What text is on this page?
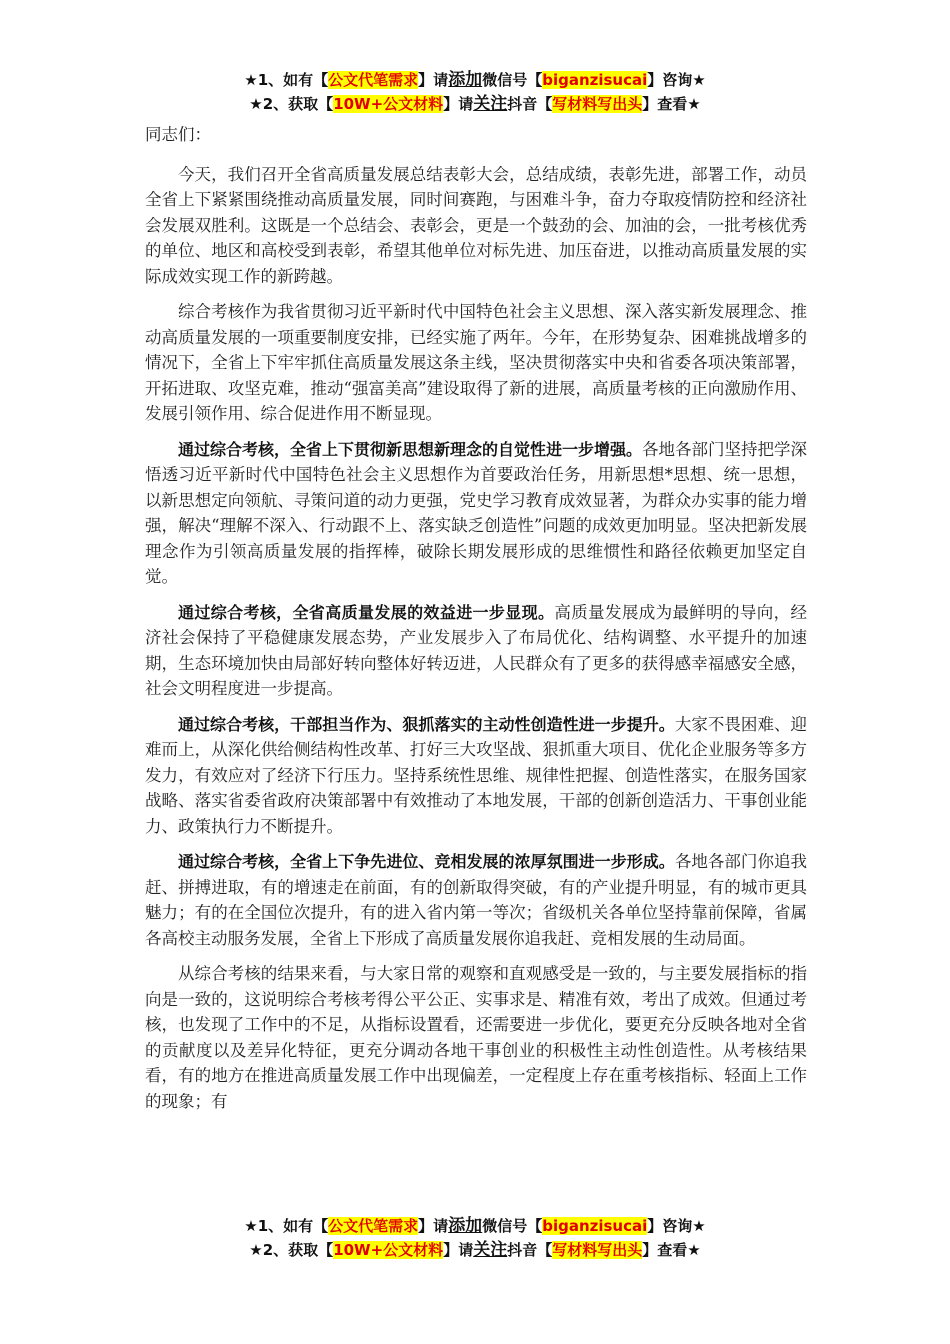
★1、如有【公文代笔需求】请添加微信号【biganzisucai】咨询★
★2、获取【10W+公文材料】请关注抖音【写材料写出头】查看★

同志们：

今天，我们召开全省高质量发展总结表彰大会，总结成绩，表彰先进，部署工作，动员全省上下紧紧围绕推动高质量发展，同时间赛跑，与困难斗争，奋力夺取疫情防控和经济社会发展双胜利。这既是一个总结会、表彰会，更是一个鼓劲的会、加油的会，一批考核优秀的单位、地区和高校受到表彰，希望其他单位对标先进、加压奋进，以推动高质量发展的实际成效实现工作的新跨越。

综合考核作为我省贯彻习近平新时代中国特色社会主义思想、深入落实新发展理念、推动高质量发展的一项重要制度安排，已经实施了两年。今年，在形势复杂、困难挑战增多的情况下，全省上下牢牢抓住高质量发展这条主线，坚决贯彻落实中央和省委各项决策部署，开拓进取、攻坚克难，推动“强富美高”建设取得了新的进展，高质量考核的正向激励作用、发展引领作用、综合促进作用不断显现。

通过综合考核，全省上下贯彻新思想新理念的自觉性进一步增强。各地各部门坚持把学深悟透习近平新时代中国特色社会主义思想作为首要政治任务，用新思想*思想、统一思想，以新思想定向领航、寻策问道的动力更强，党史学习教育成效显著，为群众办实事的能力增强，解决“理解不深入、行动跟不上、落实缺乏创造性”问题的成效更加明显。坚决把新发展理念作为引领高质量发展的指挥棒，破除长期发展形成的思维惯性和路径依赖更加坚定自觉。

通过综合考核，全省高质量发展的效益进一步显现。高质量发展成为最鲜明的导向，经济社会保持了平稳健康发展态势，产业发展步入了布局优化、结构调整、水平提升的加速期，生态环境加快由局部好转向整体好转迈进，人民群众有了更多的获得感幸福感安全感，社会文明程度进一步提高。

通过综合考核，干部担当作为、狠抓落实的主动性创造性进一步提升。大家不畏困难、迎难而上，从深化供给侧结构性改革、打好三大攻坚战、狠抓重大项目、优化企业服务等多方发力，有效应对了经济下行压力。坚持系统性思维、规律性把握、创造性落实，在服务国家战略、落实省委省政府决策部署中有效推动了本地发展，干部的创新创造活力、干事创业能力、政策执行力不断提升。

通过综合考核，全省上下争先进位、竞相发展的浓厚氛围进一步形成。各地各部门你追我赶、拼搏进取，有的增速走在前面，有的创新取得突破，有的产业提升明显，有的城市更具魅力；有的在全国位次提升，有的进入省内第一等次；省级机关各单位坚持靠前保障，省属各高校主动服务发展，全省上下形成了高质量发展你追我赶、竞相发展的生动局面。

从综合考核的结果来看，与大家日常的观察和直观感受是一致的，与主要发展指标的指向是一致的，这说明综合考核考得公平公正、实事求是、精准有效，考出了成效。但通过考核，也发现了工作中的不足，从指标设置看，还需要进一步优化，要更充分反映各地对全省的贡献度以及差异化特征，更充分调动各地干事创业的积极性主动性创造性。从考核结果看，有的地方在推进高质量发展工作中出现偏差，一定程度上存在重考核指标、轻面上工作的现象；有

★1、如有【公文代笔需求】请添加微信号【biganzisucai】咨询★
★2、获取【10W+公文材料】请关注抖音【写材料写出头】查看★
